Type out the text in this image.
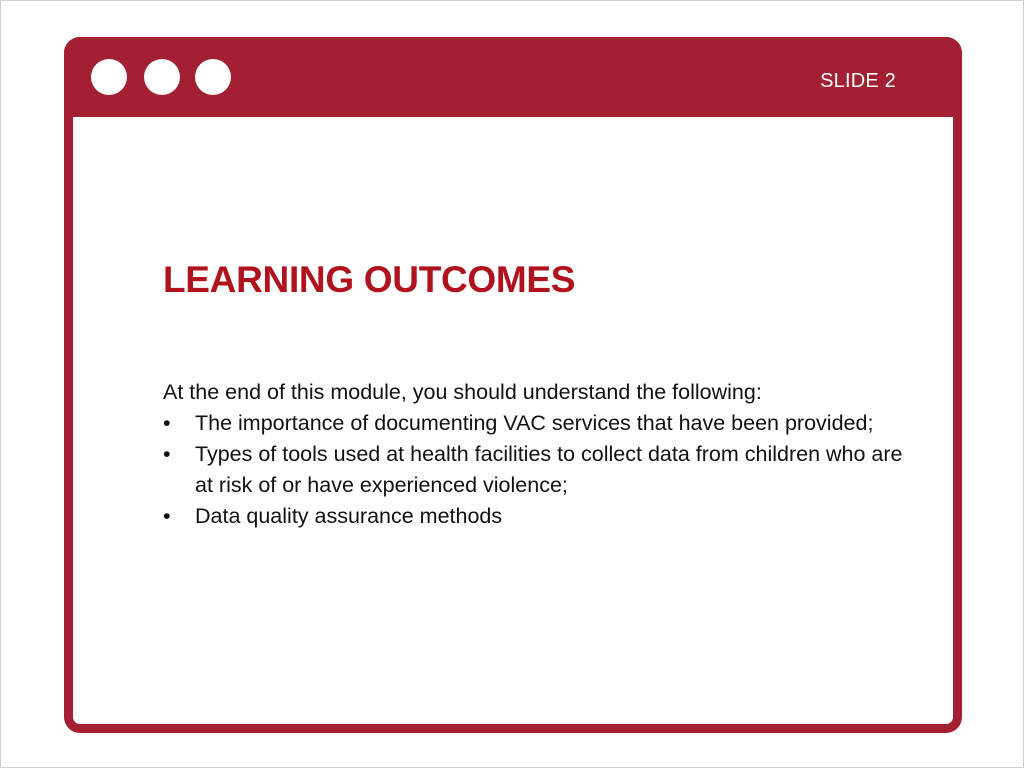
SLIDE 2
LEARNING OUTCOMES

At the end of this module, you should understand the following:

• The importance of documenting VAC services that have been provided;
• Types of tools used at health facilities to collect data from children who are at risk of or have experienced violence;
• Data quality assurance methods
